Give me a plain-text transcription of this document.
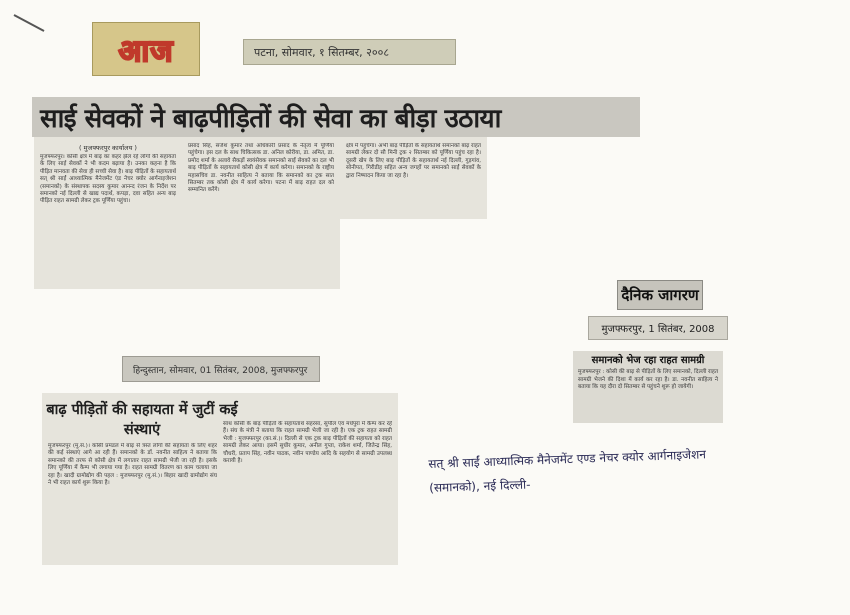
आज	पटना, सोमवार, १ सितम्बर, २००८
साई सेवकों ने बाढ़पीड़ितों की सेवा का बीड़ा उठाया
( मुजफ्फरपुर कार्यालय )
मुजफ्फरपुर। कोसी क्षेत्र में बाढ़ का कहर झेल रहे लोगों की सहायता के लिए साई सेवकों ने भी कदम बढ़ाया है। उनका कहना है कि पीड़ित मानवता की सेवा ही सच्ची सेवा है। बाढ़ पीड़ितों के सहायतार्थ सत् श्री साईं आध्यात्मिक मैनेजमेंट एंड नेचर क्योर आर्गनाइजेशन (समानको) के संस्थापक सदस्य कुमार आनन्द रंजन के निर्देश पर समानको नई दिल्ली से खाद्य पदार्थ, कपड़ा, दवा सहित अन्य बाढ़ पीड़ित राहत सामग्री लेकर ट्रक पूर्णिया पहुंचा।
प्रसाद सिंह, सजेश कुमार तथा अधिकारी प्रसाद के नेतृत्व में पूर्णिया पहुंचेगा। इस दल के साथ चिकित्सक डा. अनिल कोरीया, डा. अमित, डा. प्रमोद शर्मा के अलावे सैकड़ों स्वयंसेवक समानको साईं सेवको का दल भी बाढ़ पीड़ितों के सहायतार्थ कोसी क्षेत्र में कार्य करेगा। समानको के राष्ट्रीय महासचिव डा. नवनीत साहित्य ने बताया कि समानको का ट्रक सात सितम्बर तक कोसी क्षेत्र में कार्य करेगा। पटना में बाढ़ राहत दल को सम्मानित करेंगे।
क्षेत्र में पहुंचेगा। अभी बाढ़ पीड़ितों के सहायतार्थ समानको बाढ़ राहत सामग्री लेकर दो सौ मिनी ट्रक २ सितम्बर को पूर्णिया पहुंच रहा है। दूसरी खेप के लिए बाढ़ पीड़ितों के सहायतार्थ नई दिल्ली, गुड़गांव, सोनीपत, गिरीडीह सहित अन्य जगहों पर समानको साईं सेवकों के द्वारा निष्पादन किया जा रहा है।
दैनिक जागरण
मुजफ्फरपुर, 1 सितंबर, 2008
समानको भेज रहा राहत सामग्री
मुजफ्फरपुर : कोसी की बाढ़ से पीड़ितों के लिए समानको, दिल्ली राहत सामग्री भेजने की दिशा में कार्य कर रहा है। डा. नवनीत साहित्य ने बताया कि यह दौरा दो सितम्बर से पहुंचने शुरू हो जायेगी।
हिन्दुस्तान, सोमवार, 01 सितंबर, 2008, मुजफ्फरपुर
बाढ़ पीड़ितों की सहायता में जुटीं कई संस्थाएं
मुजफ्फरपुर (मु.सं.)। कोसी प्रमंडल में बाढ़ से त्रस्त लोगों की सहायता के लिए शहर की कई संस्थाएं आगे आ रही हैं। समानको के डॉ. नवनीत साहित्य ने बताया कि समानको की तरफ से कोसी क्षेत्र में लगातार राहत सामग्री भेजी जा रही है। इसके लिए पूर्णिया में कैम्प भी लगाया गया है। राहत सामग्री वितरण का काम चलाया जा रहा है। खादी ग्रामोद्योग की पहल : मुजफ्फरपुर (मु.सं.)। बिहार खादी ग्रामोद्योग संघ ने भी राहत कार्य शुरू किया है।
साथ कोसी के बाढ़ पीड़ितों के सहायतार्थ सहरसा, सुपौल एवं मधेपुरा में कैम्प कर रहे हैं। संघ के मंत्री ने बताया कि राहत सामग्री भेजी जा रही है। एक ट्रक राहत सामग्री भेजी : मुजफ्फरपुर (का.सं.)। दिल्ली से एक ट्रक बाढ़ पीड़ितों की सहायता को राहत सामग्री लेकर आया। इसमें सुधीर कुमार, अनील गुप्ता, राकेश शर्मा, जितेन्द्र सिंह, चौधरी, प्रताप सिंह, नवीन पाठक, नवीन पाण्डेय आदि के सहयोग से सामग्री उपलब्ध करायी है।	सत् श्री साईं आध्यात्मिक मैनेजमेंट एण्ड नेचर क्योर आर्गनाइजेशन
(समानको), नई दिल्ली-
